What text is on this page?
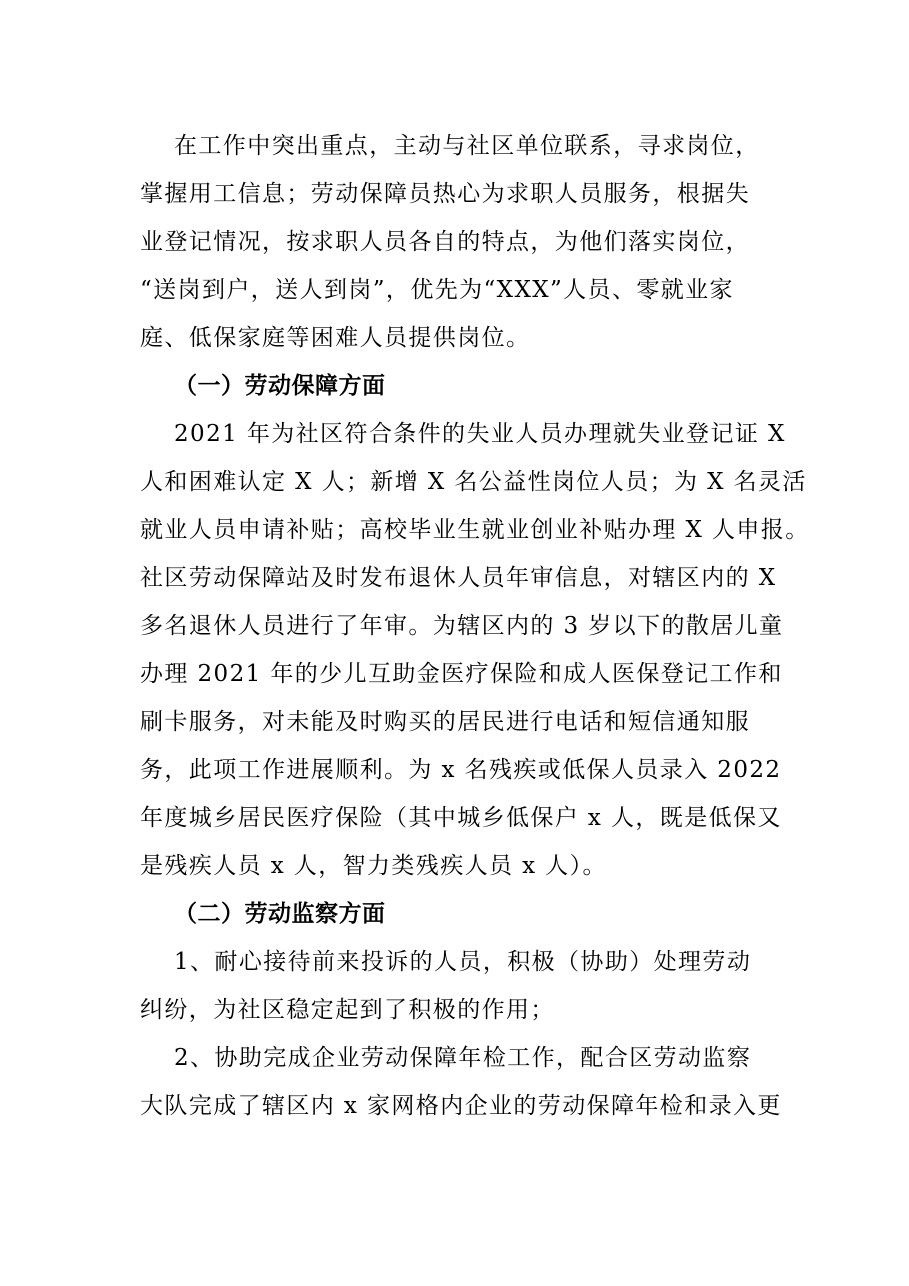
在工作中突出重点，主动与社区单位联系，寻求岗位，
掌握用工信息；劳动保障员热心为求职人员服务，根据失
业登记情况，按求职人员各自的特点，为他们落实岗位，
“送岗到户，送人到岗”，优先为“XXX”人员、零就业家
庭、低保家庭等困难人员提供岗位。
（一）劳动保障方面
2021 年为社区符合条件的失业人员办理就失业登记证 X
人和困难认定 X 人；新增 X 名公益性岗位人员；为 X 名灵活
就业人员申请补贴；高校毕业生就业创业补贴办理 X 人申报。
社区劳动保障站及时发布退休人员年审信息，对辖区内的 X
多名退休人员进行了年审。为辖区内的 3 岁以下的散居儿童
办理 2021 年的少儿互助金医疗保险和成人医保登记工作和
刷卡服务，对未能及时购买的居民进行电话和短信通知服
务，此项工作进展顺利。为 x 名残疾或低保人员录入 2022
年度城乡居民医疗保险（其中城乡低保户 x 人，既是低保又
是残疾人员 x 人，智力类残疾人员 x 人）。
（二）劳动监察方面
1、耐心接待前来投诉的人员，积极（协助）处理劳动
纠纷，为社区稳定起到了积极的作用；
2、协助完成企业劳动保障年检工作，配合区劳动监察
大队完成了辖区内 x 家网格内企业的劳动保障年检和录入更
